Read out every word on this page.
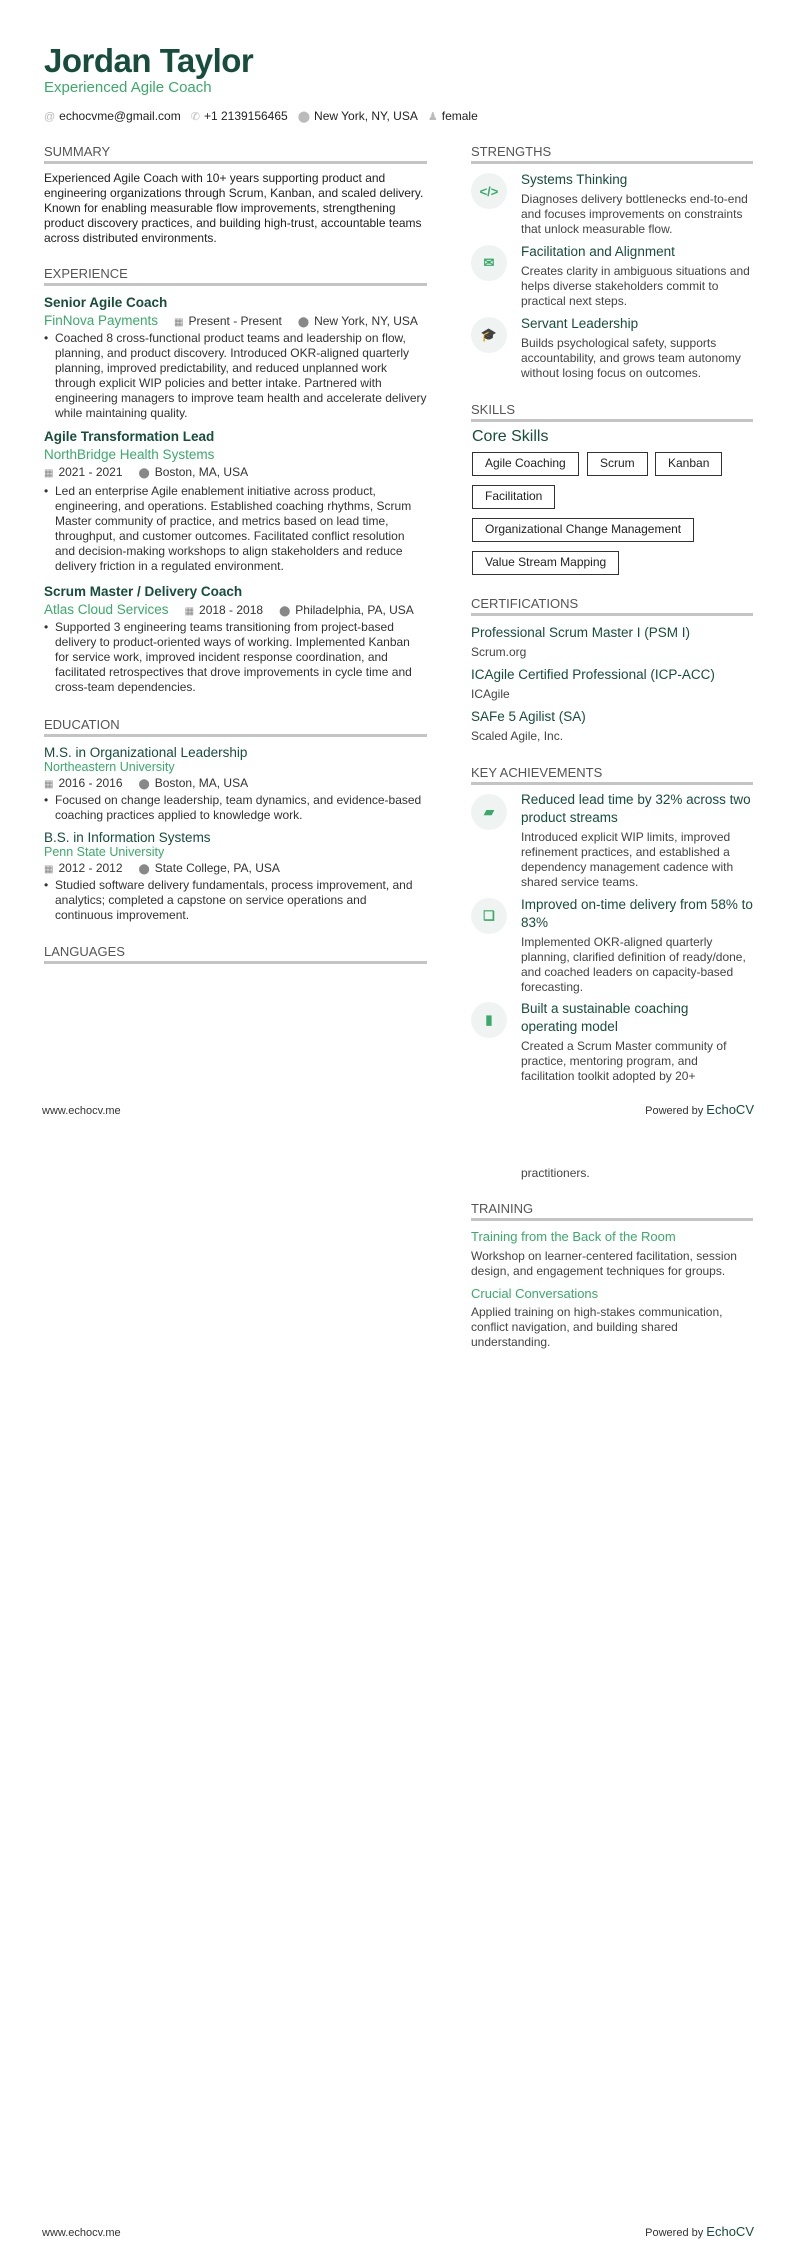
Jordan Taylor
Experienced Agile Coach
@ echocvme@gmail.com ✆ +1 2139156465 ⬤ New York, NY, USA ♟ female
SUMMARY

Experienced Agile Coach with 10+ years supporting product and engineering organizations through Scrum, Kanban, and scaled delivery. Known for enabling measurable flow improvements, strengthening product discovery practices, and building high-trust, accountable teams across distributed environments.

EXPERIENCE
Senior Agile Coach
FinNova Payments ▦ Present - Present ⬤ New York, NY, USA
• Coached 8 cross-functional product teams and leadership on flow, planning, and product discovery. Introduced OKR-aligned quarterly planning, improved predictability, and reduced unplanned work through explicit WIP policies and better intake. Partnered with engineering managers to improve team health and accelerate delivery while maintaining quality.
Agile Transformation Lead
NorthBridge Health Systems
▦ 2021 - 2021 ⬤ Boston, MA, USA
• Led an enterprise Agile enablement initiative across product, engineering, and operations. Established coaching rhythms, Scrum Master community of practice, and metrics based on lead time, throughput, and customer outcomes. Facilitated conflict resolution and decision-making workshops to align stakeholders and reduce delivery friction in a regulated environment.
Scrum Master / Delivery Coach
Atlas Cloud Services ▦ 2018 - 2018 ⬤ Philadelphia, PA, USA
• Supported 3 engineering teams transitioning from project-based delivery to product-oriented ways of working. Implemented Kanban for service work, improved incident response coordination, and facilitated retrospectives that drove improvements in cycle time and cross-team dependencies.
EDUCATION
M.S. in Organizational Leadership
Northeastern University
▦ 2016 - 2016 ⬤ Boston, MA, USA
• Focused on change leadership, team dynamics, and evidence-based coaching practices applied to knowledge work.
B.S. in Information Systems
Penn State University
▦ 2012 - 2012 ⬤ State College, PA, USA
• Studied software delivery fundamentals, process improvement, and analytics; completed a capstone on service operations and continuous improvement.
LANGUAGES
STRENGTHS
</>
Systems Thinking
Diagnoses delivery bottlenecks end-to-end and focuses improvements on constraints that unlock measurable flow.
✉
Facilitation and Alignment
Creates clarity in ambiguous situations and helps diverse stakeholders commit to practical next steps.
🎓
Servant Leadership
Builds psychological safety, supports accountability, and grows team autonomy without losing focus on outcomes.
SKILLS
Core Skills
Agile Coaching	Scrum	Kanban
Facilitation
Organizational Change Management
Value Stream Mapping
CERTIFICATIONS
Professional Scrum Master I (PSM I)
Scrum.org
ICAgile Certified Professional (ICP-ACC)
ICAgile
SAFe 5 Agilist (SA)
Scaled Agile, Inc.
KEY ACHIEVEMENTS
▰
Reduced lead time by 32% across two product streams
Introduced explicit WIP limits, improved refinement practices, and established a dependency management cadence with shared service teams.
❏
Improved on-time delivery from 58% to 83%
Implemented OKR-aligned quarterly planning, clarified definition of ready/done, and coached leaders on capacity-based forecasting.
▮
Built a sustainable coaching operating model
Created a Scrum Master community of practice, mentoring program, and facilitation toolkit adopted by 20+
www.echocv.me	Powered by EchoCV
practitioners.
TRAINING
Training from the Back of the Room
Workshop on learner-centered facilitation, session design, and engagement techniques for groups.
Crucial Conversations
Applied training on high-stakes communication, conflict navigation, and building shared understanding.
www.echocv.me	Powered by EchoCV
